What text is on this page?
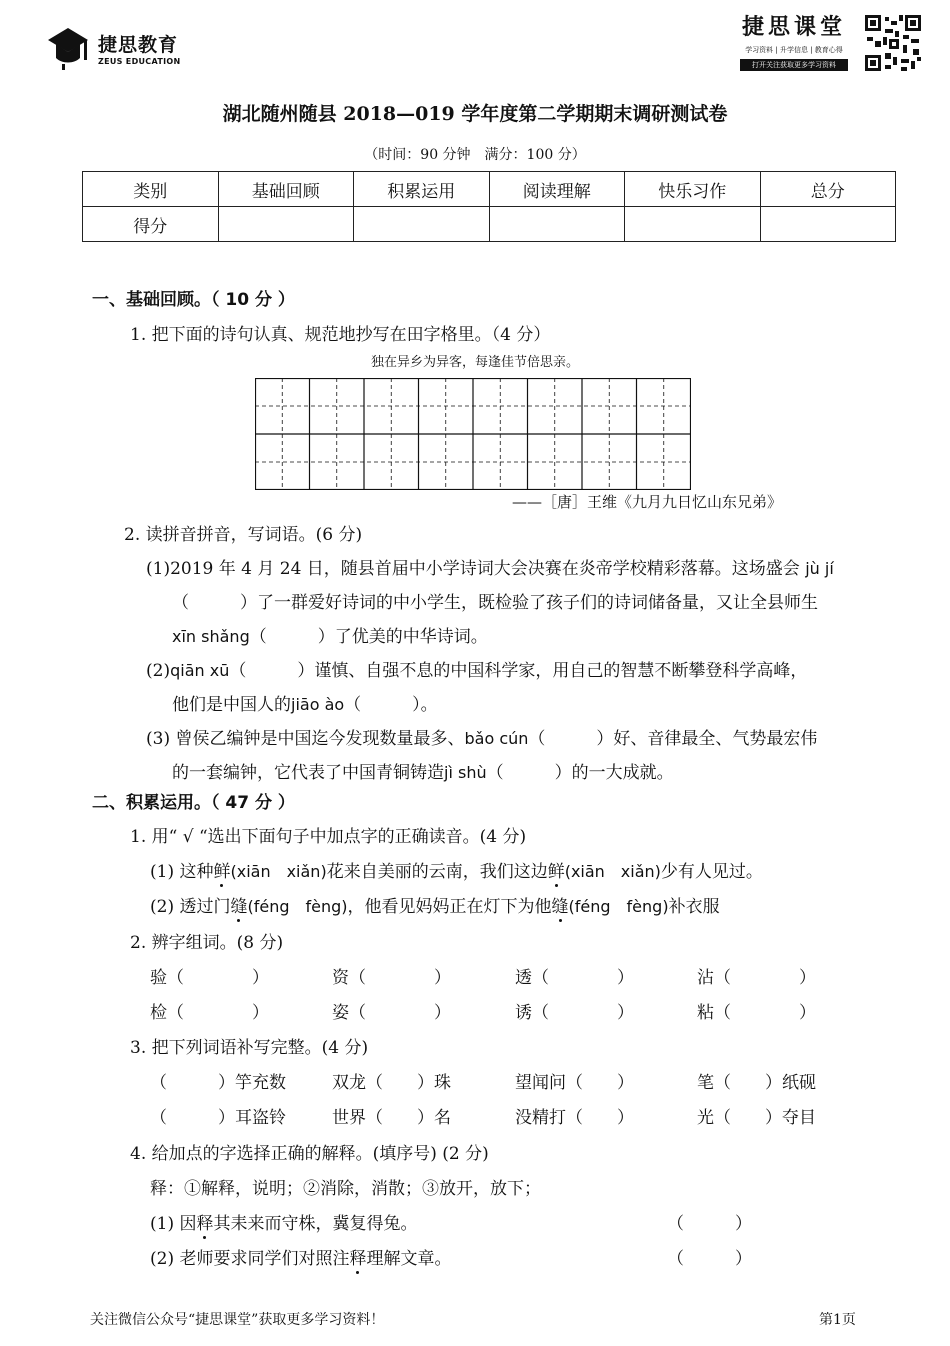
捷思教育
ZEUS EDUCATION
捷思课堂
学习资料 | 升学信息 | 教育心得
打开关注获取更多学习资料
湖北随州随县 2018—019 学年度第二学期期末调研测试卷
（时间：90 分钟　满分：100 分）
类别	基础回顾	积累运用	阅读理解	快乐习作	总分
得分					
一、基础回顾。（ 10 分 ）
1. 把下面的诗句认真、规范地抄写在田字格里。（4 分）
独在异乡为异客，每逢佳节倍思亲。
——［唐］王维《九月九日忆山东兄弟》
2. 读拼音拼音，写词语。(6 分)
(1)2019 年 4 月 24 日，随县首届中小学诗词大会决赛在炎帝学校精彩落幕。这场盛会 jù jí
（　　　）了一群爱好诗词的中小学生，既检验了孩子们的诗词储备量，又让全县师生
xīn shǎng（　　　）了优美的中华诗词。
(2)qiān xū（　　　）谨慎、自强不息的中国科学家，用自己的智慧不断攀登科学高峰，
他们是中国人的jiāo ào（　　　）。
(3) 曾侯乙编钟是中国迄今发现数量最多、bǎo cún（　　　）好、音律最全、气势最宏伟
的一套编钟，它代表了中国青铜铸造jì shù（　　　）的一大成就。
二、积累运用。（ 47 分 ）
1. 用“ √ “选出下面句子中加点字的正确读音。(4 分)
(1) 这种鲜(xiān　xiǎn)花来自美丽的云南，我们这边鲜(xiān　xiǎn)少有人见过。
(2) 透过门缝(féng　fèng)，他看见妈妈正在灯下为他缝(féng　fèng)补衣服
2. 辨字组词。(8 分)
验（　　　　）	资（　　　　）	透（　　　　）	沾（　　　　）
检（　　　　）	姿（　　　　）	诱（　　　　）	粘（　　　　）
3. 把下列词语补写完整。(4 分)
（　　　）竽充数	双龙（　　）珠	望闻问（　　）	笔（　　）纸砚
（　　　）耳盗铃	世界（　　）名	没精打（　　）	光（　　）夺目
4. 给加点的字选择正确的解释。(填序号) (2 分)
释：①解释，说明；②消除，消散；③放开，放下；
(1) 因释其耒来而守株，冀复得兔。	（　　　）
(2) 老师要求同学们对照注释理解文章。	（　　　）
关注微信公众号“捷思课堂”获取更多学习资料！	第1页
